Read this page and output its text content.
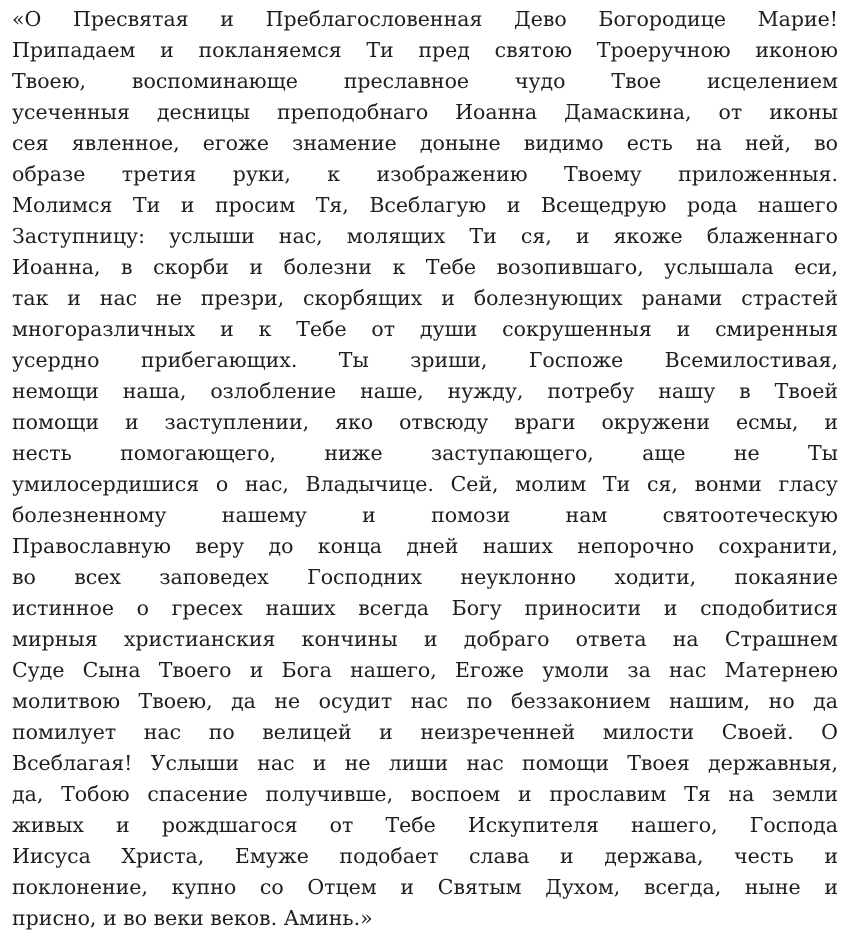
«О Пресвятая и Преблагословенная Дево Богородице Марие!
Припадаем и покланяемся Ти пред святою Троеручною иконою
Твоею, воспоминающе преславное чудо Твое исцелением
усеченныя десницы преподобнаго Иоанна Дамаскина, от иконы
сея явленное, егоже знамение доныне видимо есть на ней, во
образе третия руки, к изображению Твоему приложенныя.
Молимся Ти и просим Тя, Всеблагую и Всещедрую рода нашего
Заступницу: услыши нас, молящих Ти ся, и якоже блаженнаго
Иоанна, в скорби и болезни к Тебе возопившаго, услышала еси,
так и нас не презри, скорбящих и болезнующих ранами страстей
многоразличных и к Тебе от души сокрушенныя и смиренныя
усердно прибегающих. Ты зриши, Госпоже Всемилостивая,
немощи наша, озлобление наше, нужду, потребу нашу в Твоей
помощи и заступлении, яко отвсюду враги окружени есмы, и
несть помогающего, ниже заступающего, аще не Ты
умилосердишися о нас, Владычице. Сей, молим Ти ся, вонми гласу
болезненному нашему и помози нам святоотеческую
Православную веру до конца дней наших непорочно сохранити,
во всех заповедех Господних неуклонно ходити, покаяние
истинное о гресех наших всегда Богу приносити и сподобитися
мирныя христианския кончины и добраго ответа на Страшнем
Суде Сына Твоего и Бога нашего, Егоже умоли за нас Матернею
молитвою Твоею, да не осудит нас по беззаконием нашим, но да
помилует нас по велицей и неизреченней милости Своей. О
Всеблагая! Услыши нас и не лиши нас помощи Твоея державныя,
да, Тобою спасение получивше, воспоем и прославим Тя на земли
живых и рождшагося от Тебе Искупителя нашего, Господа
Иисуса Христа, Емуже подобает слава и держава, честь и
поклонение, купно со Отцем и Святым Духом, всегда, ныне и
присно, и во веки веков. Аминь.»
